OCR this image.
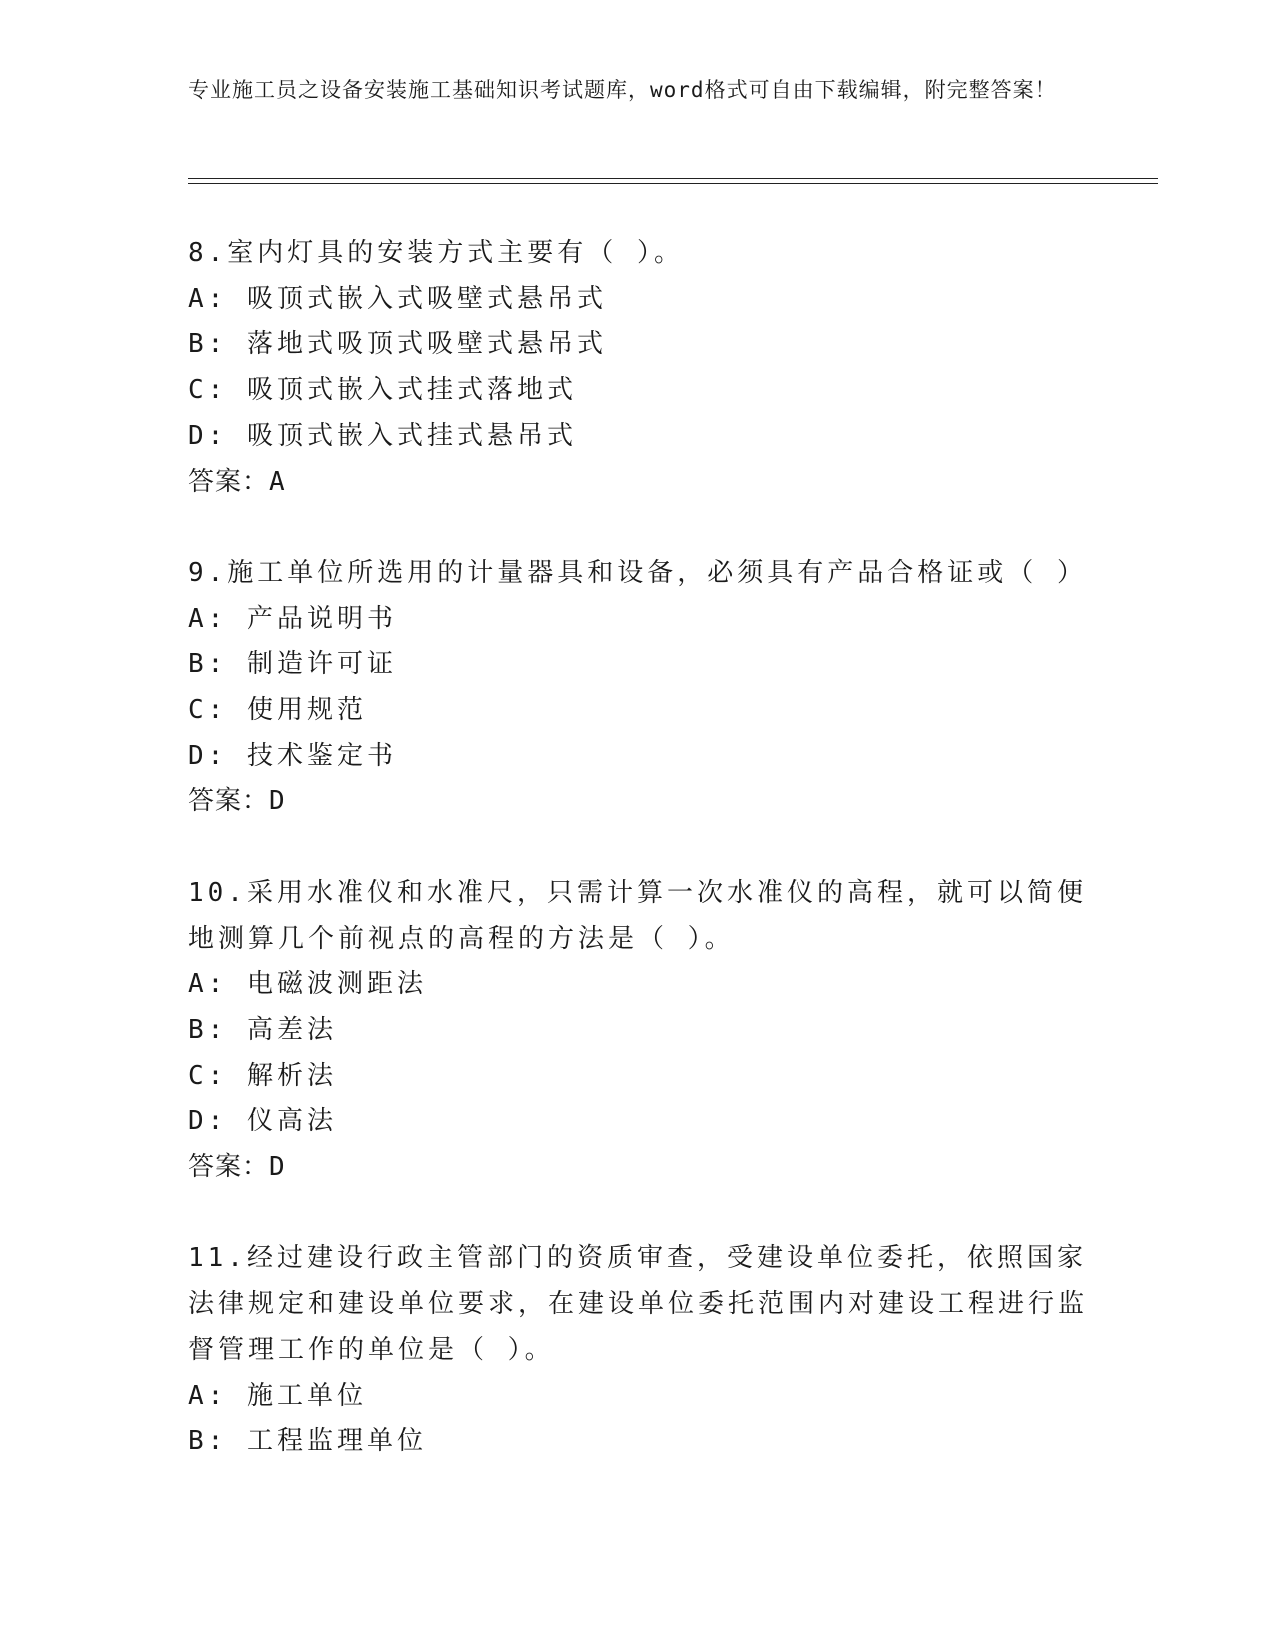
专业施工员之设备安装施工基础知识考试题库，word格式可自由下载编辑，附完整答案！
8.室内灯具的安装方式主要有（ ）。
A: 吸顶式嵌入式吸壁式悬吊式
B: 落地式吸顶式吸壁式悬吊式
C: 吸顶式嵌入式挂式落地式
D: 吸顶式嵌入式挂式悬吊式
答案：A
9.施工单位所选用的计量器具和设备，必须具有产品合格证或（ ）
A: 产品说明书
B: 制造许可证
C: 使用规范
D: 技术鉴定书
答案：D
10.采用水准仪和水准尺，只需计算一次水准仪的高程，就可以简便地测算几个前视点的高程的方法是（ ）。
A: 电磁波测距法
B: 高差法
C: 解析法
D: 仪高法
答案：D
11.经过建设行政主管部门的资质审查，受建设单位委托，依照国家法律规定和建设单位要求，在建设单位委托范围内对建设工程进行监督管理工作的单位是（ ）。
A: 施工单位
B: 工程监理单位
